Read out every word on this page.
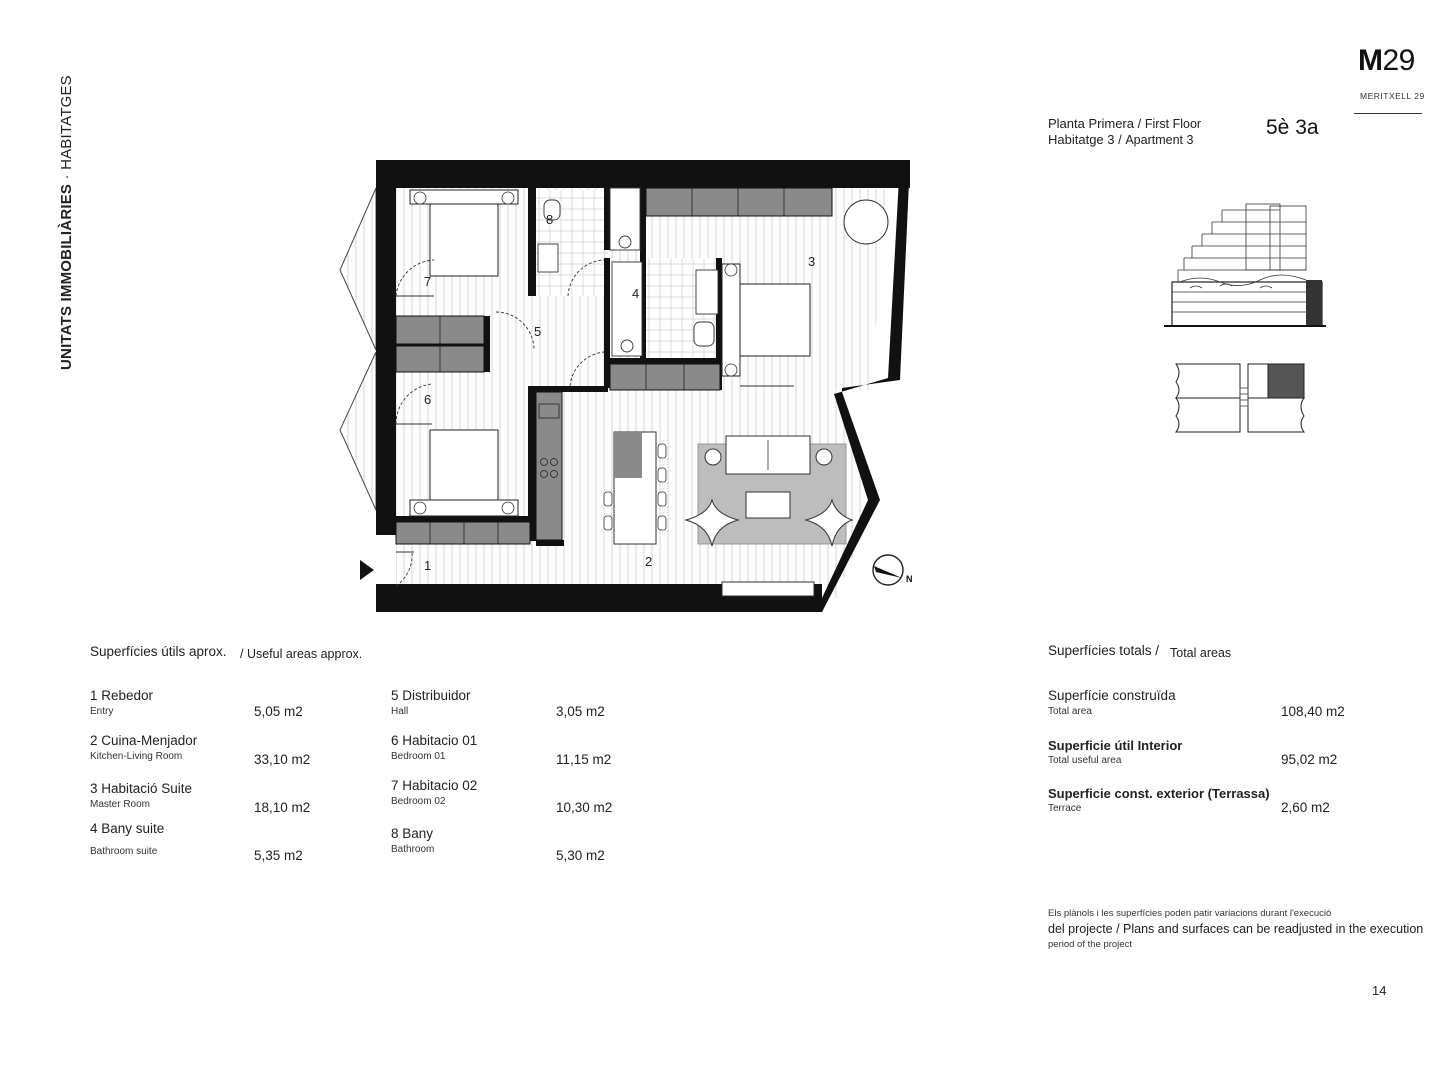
UNITATS IMMOBILIÀRIES · HABITATGES
M29
MERITXELL 29
Planta Primera / First Floor
Habitatge 3 / Apartment 3
5è 3a
1	2
3
4
5
6
7
8
N
Superfícies útils aprox. / Useful areas approx.
1 Rebedor
Entry	5,05 m2
2 Cuina-Menjador
Kitchen-Living Room	33,10 m2
3 Habitació Suite
Master Room	18,10 m2
4 Bany suite
Bathroom suite	5,35 m2
5 Distribuidor
Hall	3,05 m2
6 Habitacio 01
Bedroom 01	11,15 m2
7 Habitacio 02
Bedroom 02	10,30 m2
8 Bany
Bathroom	5,30 m2
Superfícies totals / Total areas
Superfície construïda
Total area	108,40 m2
Superficie útil Interior
Total useful area	95,02 m2
Superficie const. exterior (Terrassa)
Terrace	2,60 m2
Els plànols i les superfícies poden patir variacions durant l'execució
del projecte / Plans and surfaces can be readjusted in the execution
period of the project
14
